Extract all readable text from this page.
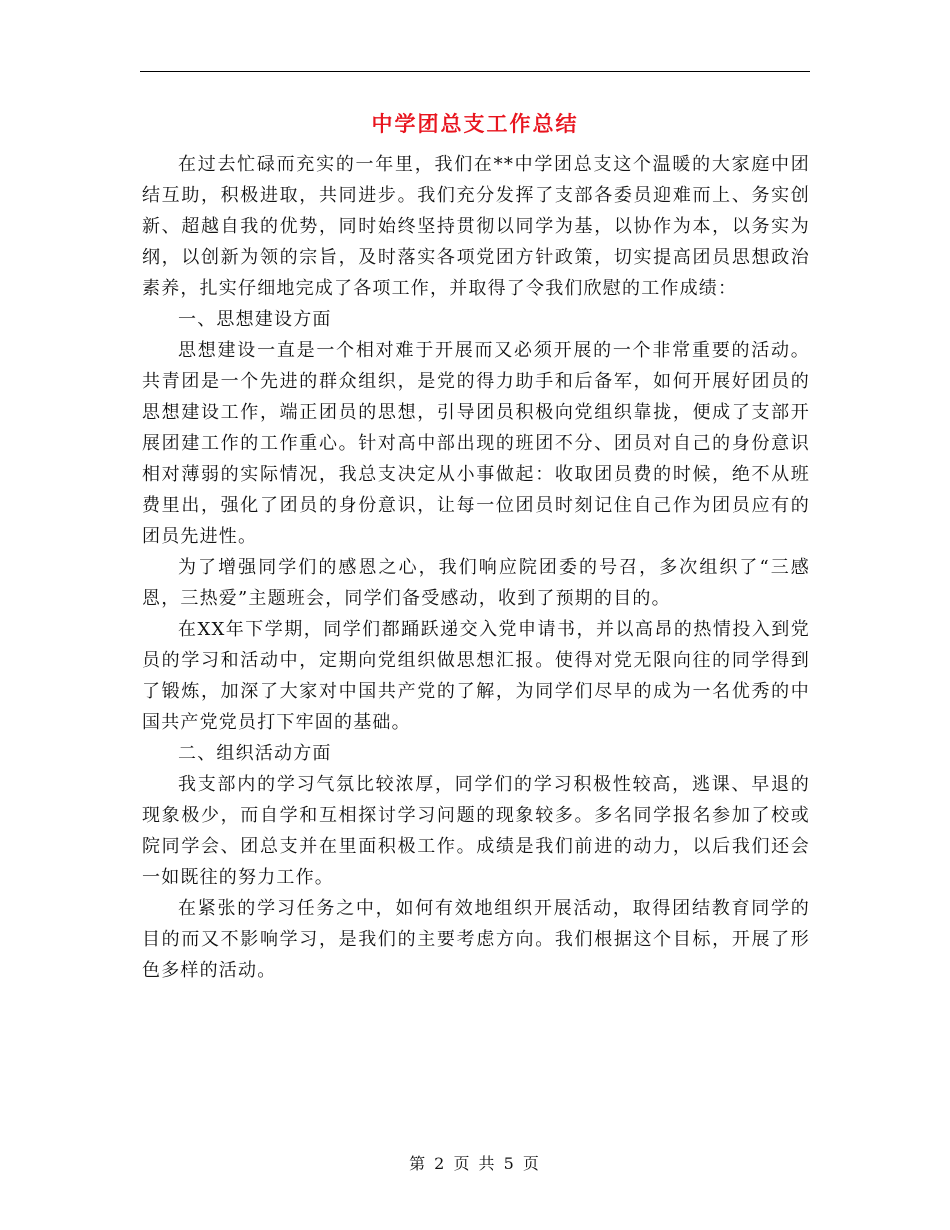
中学团总支工作总结

在过去忙碌而充实的一年里，我们在**中学团总支这个温暖的大家庭中团结互助，积极进取，共同进步。我们充分发挥了支部各委员迎难而上、务实创新、超越自我的优势，同时始终坚持贯彻以同学为基，以协作为本，以务实为纲，以创新为领的宗旨，及时落实各项党团方针政策，切实提高团员思想政治素养，扎实仔细地完成了各项工作，并取得了令我们欣慰的工作成绩：

一、思想建设方面

思想建设一直是一个相对难于开展而又必须开展的一个非常重要的活动。共青团是一个先进的群众组织，是党的得力助手和后备军，如何开展好团员的思想建设工作，端正团员的思想，引导团员积极向党组织靠拢，便成了支部开展团建工作的工作重心。针对高中部出现的班团不分、团员对自己的身份意识相对薄弱的实际情况，我总支决定从小事做起：收取团员费的时候，绝不从班费里出，强化了团员的身份意识，让每一位团员时刻记住自己作为团员应有的团员先进性。

为了增强同学们的感恩之心，我们响应院团委的号召，多次组织了“三感恩，三热爱”主题班会，同学们备受感动，收到了预期的目的。

在XX年下学期，同学们都踊跃递交入党申请书，并以高昂的热情投入到党员的学习和活动中，定期向党组织做思想汇报。使得对党无限向往的同学得到了锻炼，加深了大家对中国共产党的了解，为同学们尽早的成为一名优秀的中国共产党党员打下牢固的基础。

二、组织活动方面

我支部内的学习气氛比较浓厚，同学们的学习积极性较高，逃课、早退的现象极少，而自学和互相探讨学习问题的现象较多。多名同学报名参加了校或院同学会、团总支并在里面积极工作。成绩是我们前进的动力，以后我们还会一如既往的努力工作。

在紧张的学习任务之中，如何有效地组织开展活动，取得团结教育同学的目的而又不影响学习，是我们的主要考虑方向。我们根据这个目标，开展了形色多样的活动。

第 2 页 共 5 页
